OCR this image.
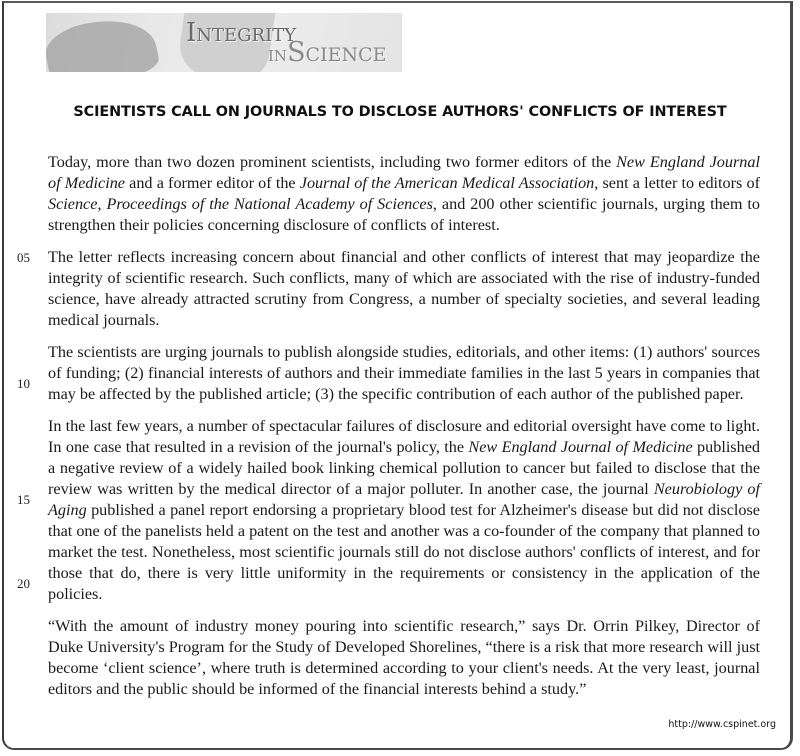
Integrity
inScience
SCIENTISTS CALL ON JOURNALS TO DISCLOSE AUTHORS' CONFLICTS OF INTEREST

Today, more than two dozen prominent scientists, including two former editors of the New England Journal of Medicine and a former editor of the Journal of the American Medical Association, sent a letter to editors of Science, Proceedings of the National Academy of Sciences, and 200 other scientific journals, urging them to strengthen their policies concerning disclosure of conflicts of interest.

The letter reflects increasing concern about financial and other conflicts of interest that may jeopardize the integrity of scientific research. Such conflicts, many of which are associated with the rise of industry-funded science, have already attracted scrutiny from Congress, a number of specialty societies, and several leading medical journals.

The scientists are urging journals to publish alongside studies, editorials, and other items: (1) authors' sources of funding; (2) financial interests of authors and their immediate families in the last 5 years in companies that may be affected by the published article; (3) the specific contribution of each author of the published paper.

In the last few years, a number of spectacular failures of disclosure and editorial oversight have come to light. In one case that resulted in a revision of the journal's policy, the New England Journal of Medicine published a negative review of a widely hailed book linking chemical pollution to cancer but failed to disclose that the review was written by the medical director of a major polluter. In another case, the journal Neurobiology of Aging published a panel report endorsing a proprietary blood test for Alzheimer's disease but did not disclose that one of the panelists held a patent on the test and another was a co-founder of the company that planned to market the test. Nonetheless, most scientific journals still do not disclose authors' conflicts of interest, and for those that do, there is very little uniformity in the requirements or consistency in the application of the policies.

“With the amount of industry money pouring into scientific research,” says Dr. Orrin Pilkey, Director of Duke University's Program for the Study of Developed Shorelines, “there is a risk that more research will just become ‘client science’, where truth is determined according to your client's needs. At the very least, journal editors and the public should be informed of the financial interests behind a study.”

05
10
15
20
http://www.cspinet.org
